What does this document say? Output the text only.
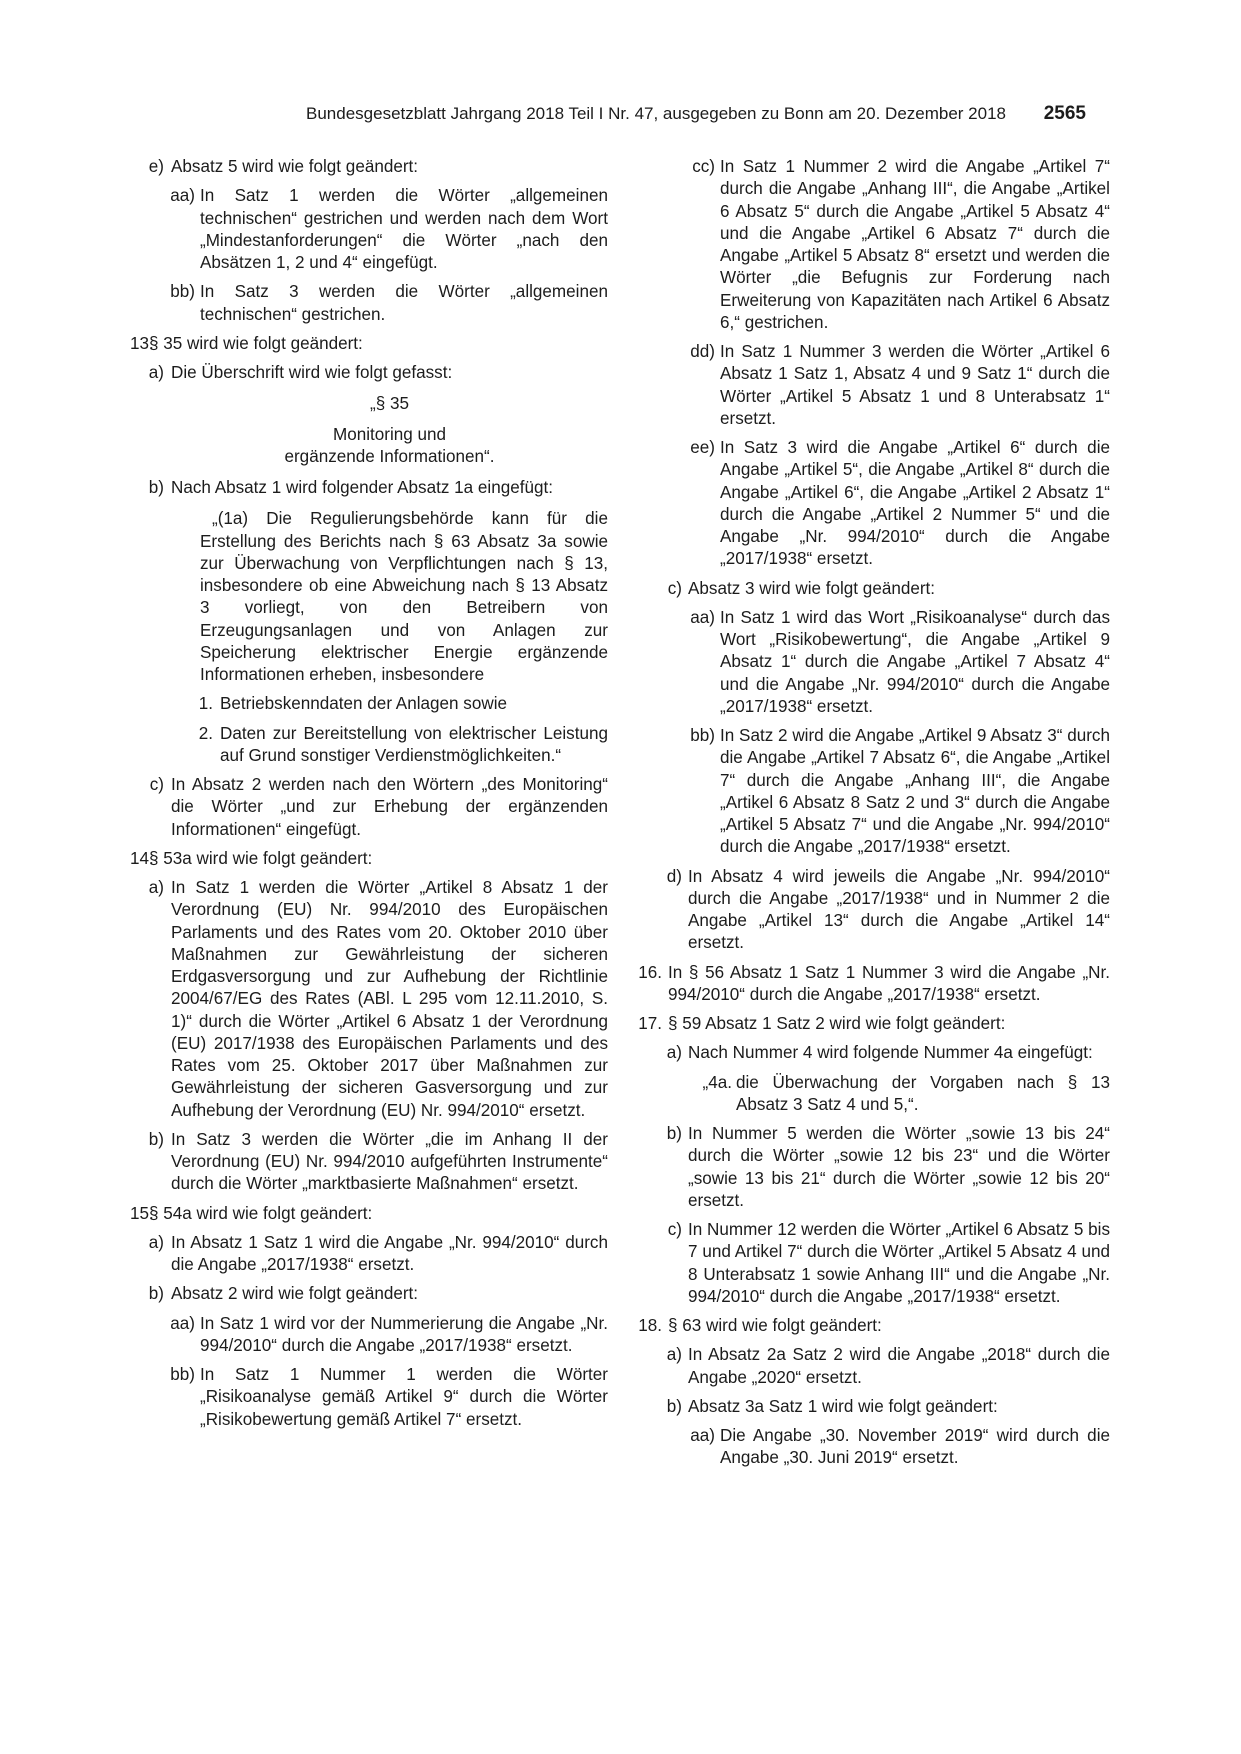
Bundesgesetzblatt Jahrgang 2018 Teil I Nr. 47, ausgegeben zu Bonn am 20. Dezember 2018 2565
e) Absatz 5 wird wie folgt geändert:
aa) In Satz 1 werden die Wörter „allgemeinen technischen“ gestrichen und werden nach dem Wort „Mindestanforderungen“ die Wörter „nach den Absätzen 1, 2 und 4“ eingefügt.
bb) In Satz 3 werden die Wörter „allgemeinen technischen“ gestrichen.
13.
§ 35 wird wie folgt geändert:
a) Die Überschrift wird wie folgt gefasst:
„§ 35
Monitoring und
ergänzende Informationen“.
b) Nach Absatz 1 wird folgender Absatz 1a eingefügt:
„(1a) Die Regulierungsbehörde kann für die Erstellung des Berichts nach § 63 Absatz 3a sowie zur Überwachung von Verpflichtungen nach § 13, insbesondere ob eine Abweichung nach § 13 Absatz 3 vorliegt, von den Betreibern von Erzeugungsanlagen und von Anlagen zur Speicherung elektrischer Energie ergänzende Informationen erheben, insbesondere
1. Betriebskenndaten der Anlagen sowie
2. Daten zur Bereitstellung von elektrischer Leistung auf Grund sonstiger Verdienstmöglichkeiten.“
c) In Absatz 2 werden nach den Wörtern „des Monitoring“ die Wörter „und zur Erhebung der ergänzenden Informationen“ eingefügt.
14.
§ 53a wird wie folgt geändert:
a) In Satz 1 werden die Wörter „Artikel 8 Absatz 1 der Verordnung (EU) Nr. 994/2010 des Europäischen Parlaments und des Rates vom 20. Oktober 2010 über Maßnahmen zur Gewährleistung der sicheren Erdgasversorgung und zur Aufhebung der Richtlinie 2004/67/EG des Rates (ABl. L 295 vom 12.11.2010, S. 1)“ durch die Wörter „Artikel 6 Absatz 1 der Verordnung (EU) 2017/1938 des Europäischen Parlaments und des Rates vom 25. Oktober 2017 über Maßnahmen zur Gewährleistung der sicheren Gasversorgung und zur Aufhebung der Verordnung (EU) Nr. 994/2010“ ersetzt.
b) In Satz 3 werden die Wörter „die im Anhang II der Verordnung (EU) Nr. 994/2010 aufgeführten Instrumente“ durch die Wörter „marktbasierte Maßnahmen“ ersetzt.
15.
§ 54a wird wie folgt geändert:
a) In Absatz 1 Satz 1 wird die Angabe „Nr. 994/2010“ durch die Angabe „2017/1938“ ersetzt.
b) Absatz 2 wird wie folgt geändert:
aa) In Satz 1 wird vor der Nummerierung die Angabe „Nr. 994/2010“ durch die Angabe „2017/1938“ ersetzt.
bb) In Satz 1 Nummer 1 werden die Wörter „Risikoanalyse gemäß Artikel 9“ durch die Wörter „Risikobewertung gemäß Artikel 7“ ersetzt.
cc) In Satz 1 Nummer 2 wird die Angabe „Artikel 7“ durch die Angabe „Anhang III“, die Angabe „Artikel 6 Absatz 5“ durch die Angabe „Artikel 5 Absatz 4“ und die Angabe „Artikel 6 Absatz 7“ durch die Angabe „Artikel 5 Absatz 8“ ersetzt und werden die Wörter „die Befugnis zur Forderung nach Erweiterung von Kapazitäten nach Artikel 6 Absatz 6,“ gestrichen.
dd) In Satz 1 Nummer 3 werden die Wörter „Artikel 6 Absatz 1 Satz 1, Absatz 4 und 9 Satz 1“ durch die Wörter „Artikel 5 Absatz 1 und 8 Unterabsatz 1“ ersetzt.
ee) In Satz 3 wird die Angabe „Artikel 6“ durch die Angabe „Artikel 5“, die Angabe „Artikel 8“ durch die Angabe „Artikel 6“, die Angabe „Artikel 2 Absatz 1“ durch die Angabe „Artikel 2 Nummer 5“ und die Angabe „Nr. 994/2010“ durch die Angabe „2017/1938“ ersetzt.
c) Absatz 3 wird wie folgt geändert:
aa) In Satz 1 wird das Wort „Risikoanalyse“ durch das Wort „Risikobewertung“, die Angabe „Artikel 9 Absatz 1“ durch die Angabe „Artikel 7 Absatz 4“ und die Angabe „Nr. 994/2010“ durch die Angabe „2017/1938“ ersetzt.
bb) In Satz 2 wird die Angabe „Artikel 9 Absatz 3“ durch die Angabe „Artikel 7 Absatz 6“, die Angabe „Artikel 7“ durch die Angabe „Anhang III“, die Angabe „Artikel 6 Absatz 8 Satz 2 und 3“ durch die Angabe „Artikel 5 Absatz 7“ und die Angabe „Nr. 994/2010“ durch die Angabe „2017/1938“ ersetzt.
d) In Absatz 4 wird jeweils die Angabe „Nr. 994/2010“ durch die Angabe „2017/1938“ und in Nummer 2 die Angabe „Artikel 13“ durch die Angabe „Artikel 14“ ersetzt.
16. In § 56 Absatz 1 Satz 1 Nummer 3 wird die Angabe „Nr. 994/2010“ durch die Angabe „2017/1938“ ersetzt.
17. § 59 Absatz 1 Satz 2 wird wie folgt geändert:
a) Nach Nummer 4 wird folgende Nummer 4a eingefügt:
„4a. die Überwachung der Vorgaben nach § 13 Absatz 3 Satz 4 und 5,“.
b) In Nummer 5 werden die Wörter „sowie 13 bis 24“ durch die Wörter „sowie 12 bis 23“ und die Wörter „sowie 13 bis 21“ durch die Wörter „sowie 12 bis 20“ ersetzt.
c) In Nummer 12 werden die Wörter „Artikel 6 Absatz 5 bis 7 und Artikel 7“ durch die Wörter „Artikel 5 Absatz 4 und 8 Unterabsatz 1 sowie Anhang III“ und die Angabe „Nr. 994/2010“ durch die Angabe „2017/1938“ ersetzt.
18. § 63 wird wie folgt geändert:
a) In Absatz 2a Satz 2 wird die Angabe „2018“ durch die Angabe „2020“ ersetzt.
b) Absatz 3a Satz 1 wird wie folgt geändert:
aa) Die Angabe „30. November 2019“ wird durch die Angabe „30. Juni 2019“ ersetzt.
